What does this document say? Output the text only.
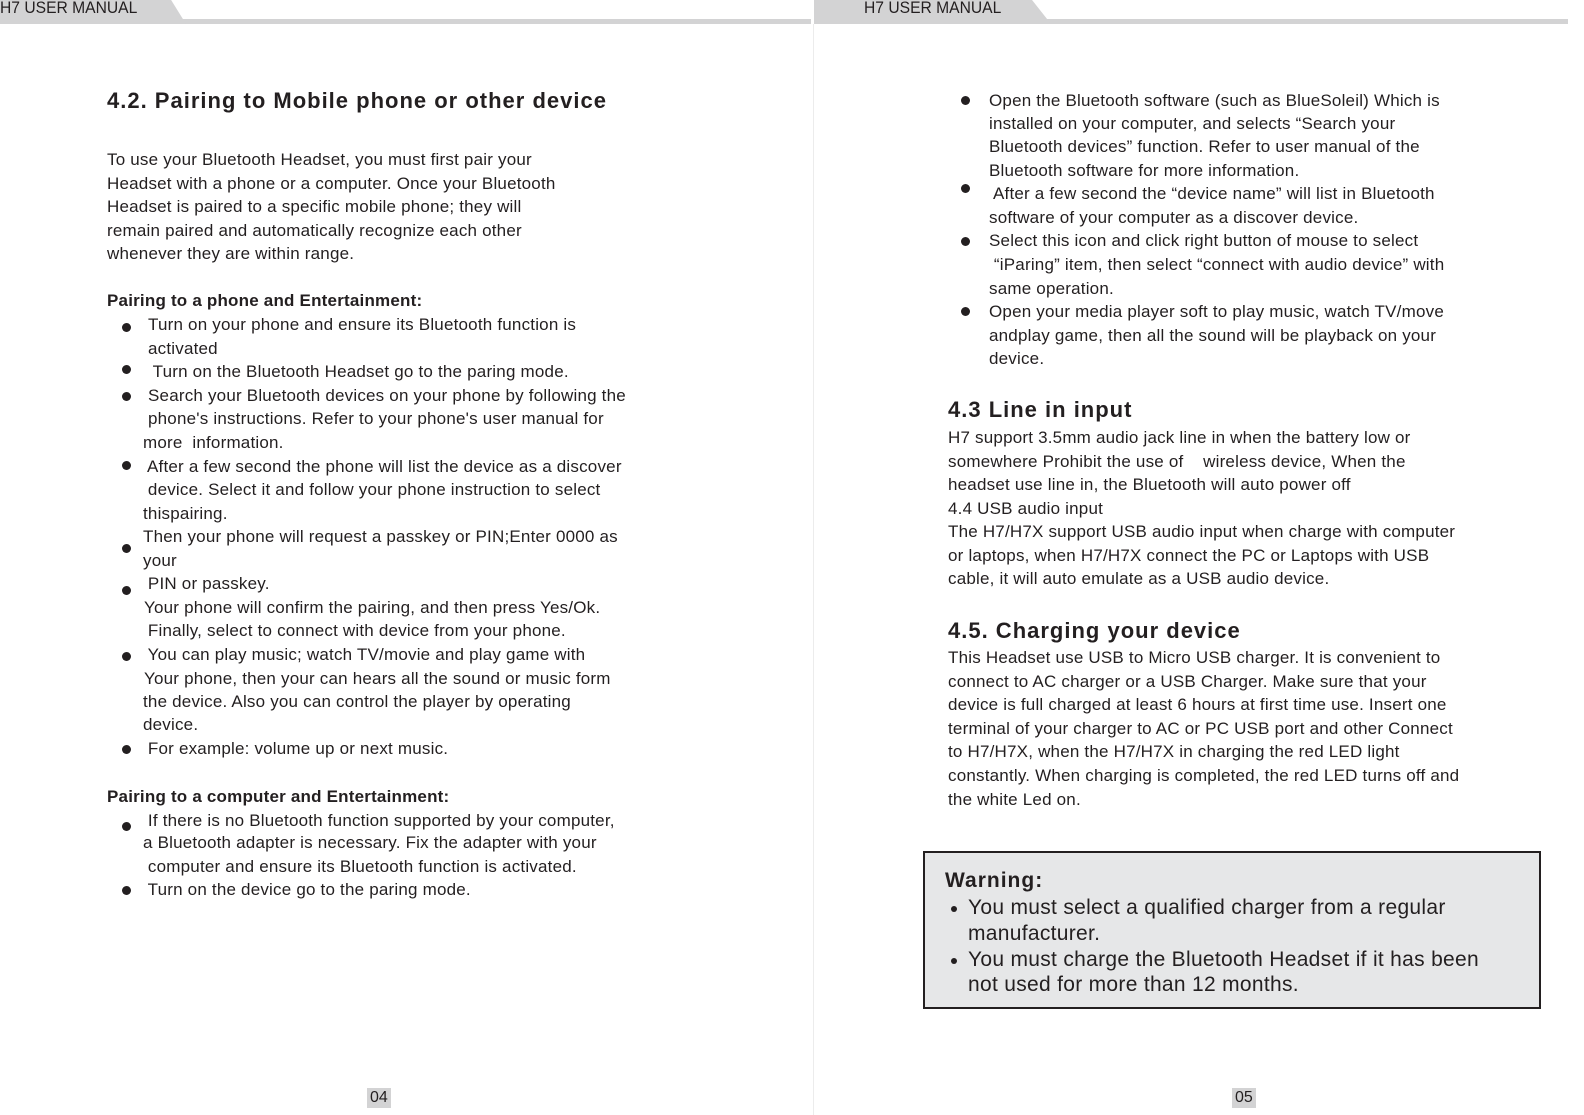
H7 USER MANUAL	H7 USER MANUAL
4.2. Pairing to Mobile phone or other device
To use your Bluetooth Headset, you must first pair your
Headset with a phone or a computer. Once your Bluetooth
Headset is paired to a specific mobile phone; they will
remain paired and automatically recognize each other
whenever they are within range.
Pairing to a phone and Entertainment:
Turn on your phone and ensure its Bluetooth function is
activated
Turn on the Bluetooth Headset go to the paring mode.
Search your Bluetooth devices on your phone by following the
phone's instructions. Refer to your phone's user manual for
more  information.
After a few second the phone will list the device as a discover
device. Select it and follow your phone instruction to select
thispairing.
Then your phone will request a passkey or PIN;Enter 0000 as
your
PIN or passkey.
Your phone will confirm the pairing, and then press Yes/Ok.
Finally, select to connect with device from your phone.
You can play music; watch TV/movie and play game with
Your phone, then your can hears all the sound or music form
the device. Also you can control the player by operating
device.
For example: volume up or next music.
Pairing to a computer and Entertainment:
If there is no Bluetooth function supported by your computer,
a Bluetooth adapter is necessary. Fix the adapter with your
computer and ensure its Bluetooth function is activated.
Turn on the device go to the paring mode.
04
Open the Bluetooth software (such as BlueSoleil) Which is
installed on your computer, and selects “Search your
Bluetooth devices” function. Refer to user manual of the
Bluetooth software for more information.
After a few second the “device name” will list in Bluetooth
software of your computer as a discover device.
Select this icon and click right button of mouse to select
“iParing” item, then select “connect with audio device” with
same operation.
Open your media player soft to play music, watch TV/move
andplay game, then all the sound will be playback on your
device.
4.3 Line in input
H7 support 3.5mm audio jack line in when the battery low or
somewhere Prohibit the use of    wireless device, When the
headset use line in, the Bluetooth will auto power off
4.4 USB audio input
The H7/H7X support USB audio input when charge with computer
or laptops, when H7/H7X connect the PC or Laptops with USB
cable, it will auto emulate as a USB audio device.
4.5. Charging your device
This Headset use USB to Micro USB charger. It is convenient to
connect to AC charger or a USB Charger. Make sure that your
device is full charged at least 6 hours at first time use. Insert one
terminal of your charger to AC or PC USB port and other Connect
to H7/H7X, when the H7/H7X in charging the red LED light
constantly. When charging is completed, the red LED turns off and
the white Led on.
Warning:
You must select a qualified charger from a regular
manufacturer.
You must charge the Bluetooth Headset if it has been
not used for more than 12 months.
05
